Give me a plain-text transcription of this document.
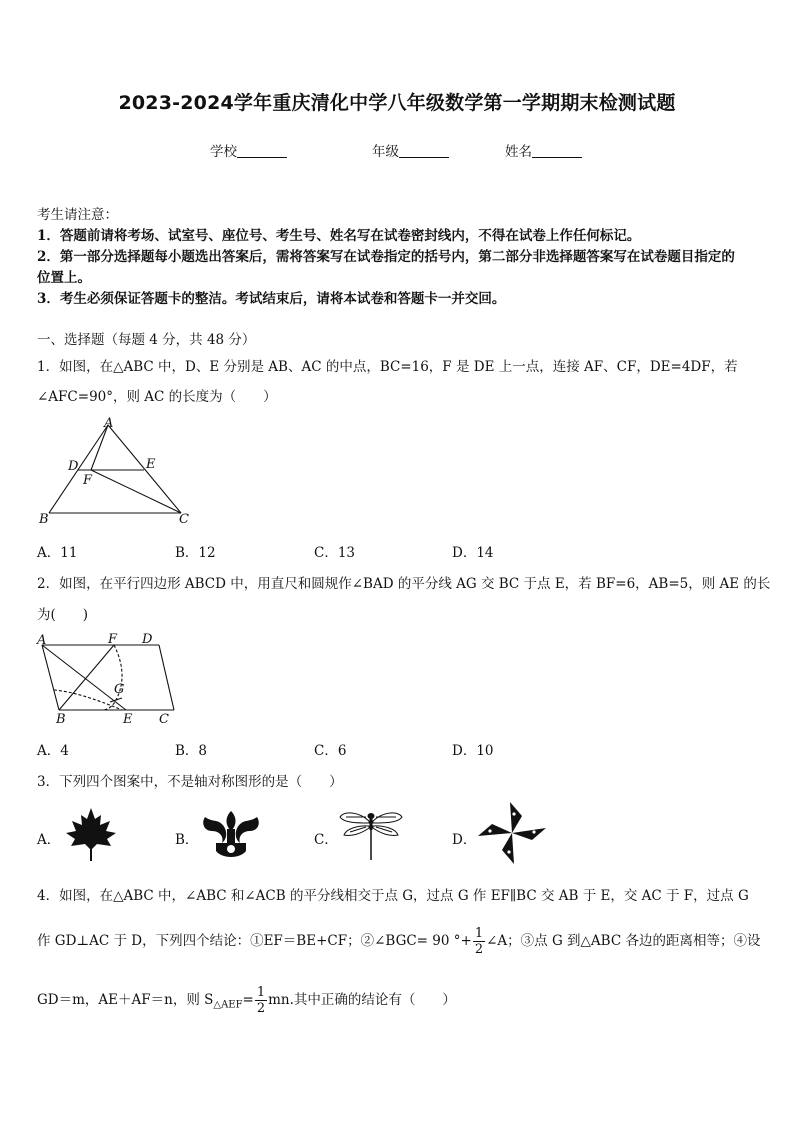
2023-2024学年重庆清化中学八年级数学第一学期期末检测试题
学校	年级	姓名
考生请注意：
1．答题前请将考场、试室号、座位号、考生号、姓名写在试卷密封线内，不得在试卷上作任何标记。
2．第一部分选择题每小题选出答案后，需将答案写在试卷指定的括号内，第二部分非选择题答案写在试卷题目指定的
位置上。
3．考生必须保证答题卡的整洁。考试结束后，请将本试卷和答题卡一并交回。
一、选择题（每题 4 分，共 48 分）
1．如图，在△ABC 中，D、E 分别是 AB、AC 的中点，BC=16，F 是 DE 上一点，连接 AF、CF，DE=4DF，若
∠AFC=90°，则 AC 的长度为（　　）
A
D	E
F
B	C
A．11	B．12	C．13	D．14
2．如图，在平行四边形 ABCD 中，用直尺和圆规作∠BAD 的平分线 AG 交 BC 于点 E，若 BF=6，AB=5，则 AE 的长
为(　　)
A	F D
G
B	E C
A．4	B．8	C．6	D．10
3．下列四个图案中，不是轴对称图形的是（　　）
A．	B．	C．	D．
4．如图，在△ABC 中，∠ABC 和∠ACB 的平分线相交于点 G，过点 G 作 EF∥BC 交 AB 于 E，交 AC 于 F，过点 G
作 GD⊥AC 于 D，下列四个结论：①EF＝BE+CF；②∠BGC= 90 °+ $\frac{1}{2}$ ∠A；③点 G 到△ABC 各边的距离相等；④设
GD＝m，AE＋AF＝n，则 $S_{\triangle AEF}= \frac{1}{2}$ mn.其中正确的结论有（　　）
